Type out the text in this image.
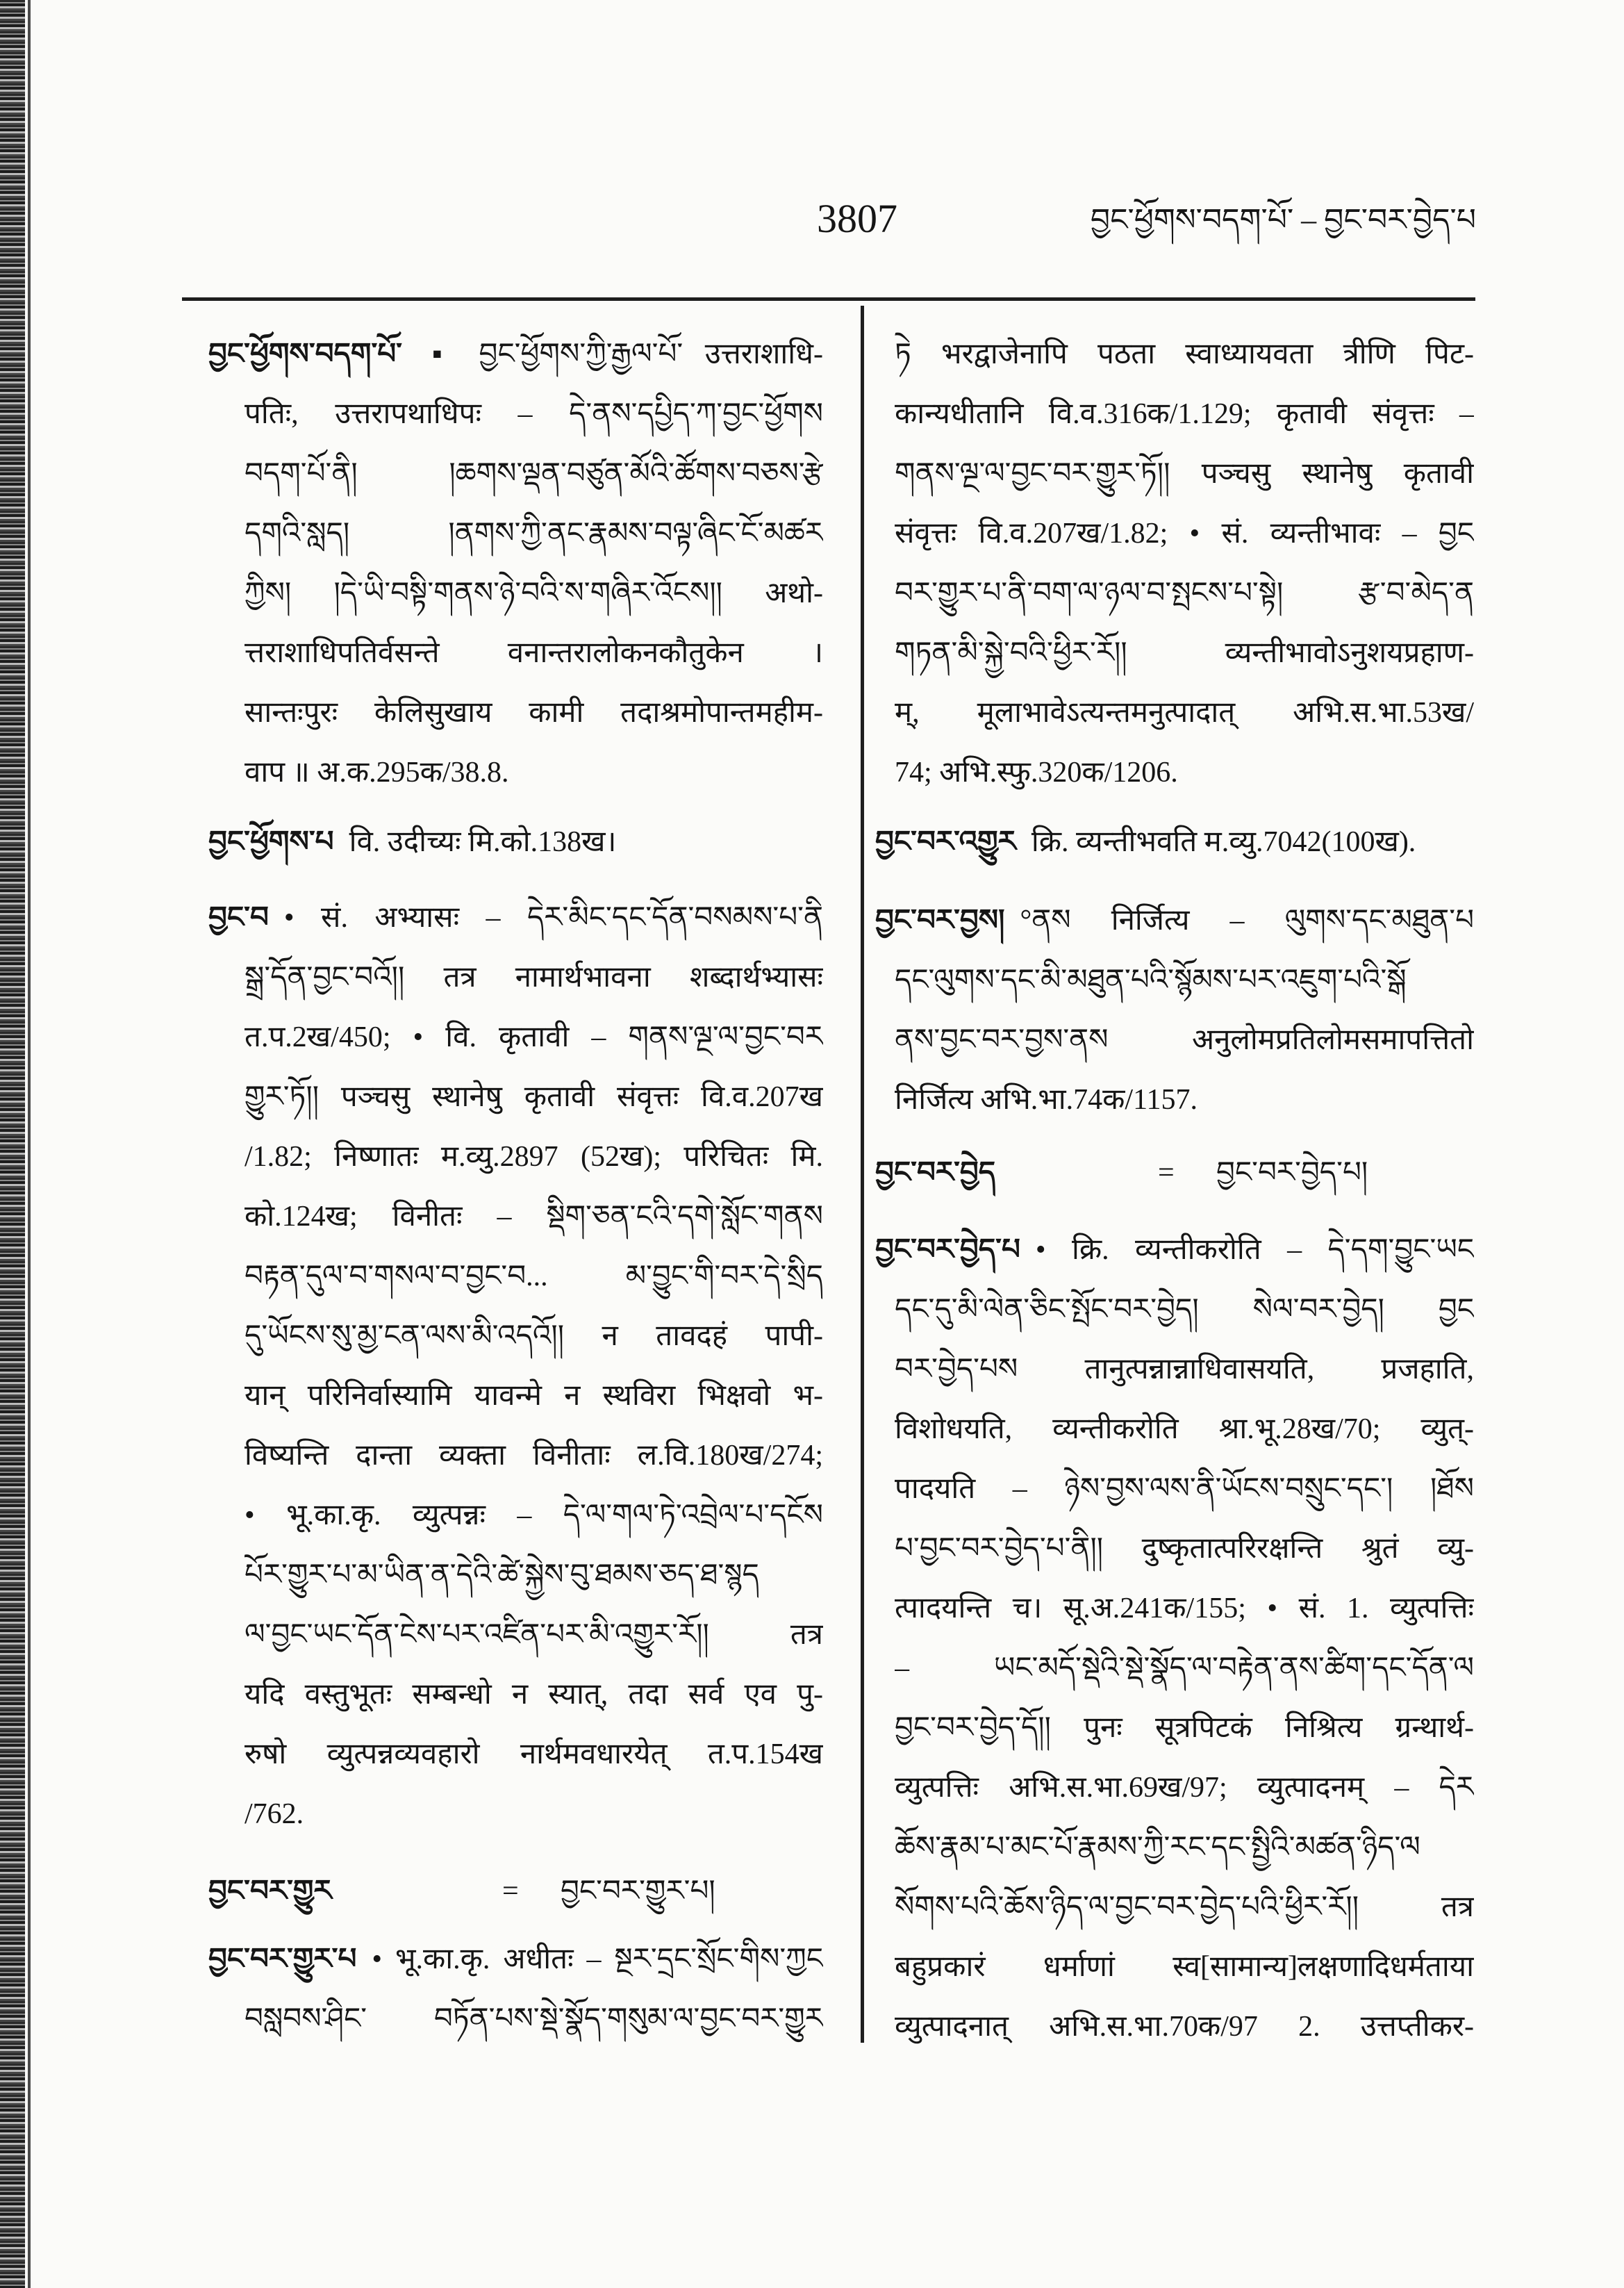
3807	བྱང་ཕྱོགས་བདག་པོ་ – བྱང་བར་བྱེད་པ
བྱང་ཕྱོགས་བདག་པོ་ ▪ བྱང་ཕྱོགས་ཀྱི་རྒྱལ་པོ་ उत्तराशाधि-
पतिः, उत्तरापथाधिपः – དེ་ནས་དཔྱིད་ཀ་བྱང་ཕྱོགས
བདག་པོ་ནི། །ཆགས་ལྡན་བཙུན་མོའི་ཚོགས་བཅས་རྩེ
དགའི་སླད། །ནགས་ཀྱི་ནང་རྣམས་བལྟ་ཞིང་ངོ་མཚར
ཀྱིས། །དེ་ཡི་བསྟི་གནས་ཉེ་བའི་ས་གཞིར་འོངས།། अथो-
त्तराशाधिपतिर्वसन्ते वनान्तरालोकनकौतुकेन ।
सान्तःपुरः केलिसुखाय कामी तदाश्रमोपान्तमहीम-
वाप ॥ अ.क.295क/38.8.
བྱང་ཕྱོགས་པ वि. उदीच्यः मि.को.138ख।
བྱང་བ • सं. अभ्यासः – དེར་མིང་དང་དོན་བསམས་པ་ནི
སྒྲ་དོན་བྱང་བའོ།། तत्र नामार्थभावना शब्दार्थभ्यासः
त.प.2ख/450; • वि. कृतावी – གནས་ལྔ་ལ་བྱང་བར
གྱུར་ཏོ།། पञ्चसु स्थानेषु कृतावी संवृत्तः वि.व.207ख
/1.82; निष्णातः म.व्यु.2897 (52ख); परिचितः मि.
को.124ख; विनीतः – སྡིག་ཅན་ངའི་དགེ་སློང་གནས
བརྟན་དུལ་བ་གསལ་བ་བྱང་བ... མ་བྱུང་གི་བར་དེ་སྲིད
དུ་ཡོངས་སུ་མྱ་ངན་ལས་མི་འདའོ།། न तावदहं पापी-
यान् परिनिर्वास्यामि यावन्मे न स्थविरा भिक्षवो भ-
विष्यन्ति दान्ता व्यक्ता विनीताः ल.वि.180ख/274;
• भू.का.कृ. व्युत्पन्नः – དེ་ལ་གལ་ཏེ་འབྲེལ་པ་དངོས
པོར་གྱུར་པ་མ་ཡིན་ན་དེའི་ཚེ་སྐྱེས་བུ་ཐམས་ཅད་ཐ་སྙད
ལ་བྱང་ཡང་དོན་ངེས་པར་འཛིན་པར་མི་འགྱུར་རོ།། तत्र
यदि वस्तुभूतः सम्बन्धो न स्यात्, तदा सर्व एव पु-
रुषो व्युत्पन्नव्यवहारो नार्थमवधारयेत् त.प.154ख
/762.
བྱང་བར་གྱུར	= བྱང་བར་གྱུར་པ།
བྱང་བར་གྱུར་པ • भू.का.कृ. अधीतः – སྔར་དྲང་སྲོང་གིས་ཀྱང
བསླབས་ཤིང་ བཏོན་པས་སྡེ་སྣོད་གསུམ་ལ་བྱང་བར་གྱུར
ཏེ भरद्वाजेनापि पठता स्वाध्यायवता त्रीणि पिट-
कान्यधीतानि वि.व.316क/1.129; कृतावी संवृत्तः –
གནས་ལྔ་ལ་བྱང་བར་གྱུར་ཏོ།། पञ्चसु स्थानेषु कृतावी
संवृत्तः वि.व.207ख/1.82; • सं. व्यन्तीभावः – བྱང
བར་གྱུར་པ་ནི་བག་ལ་ཉལ་བ་སྤངས་པ་སྟེ། རྩ་བ་མེད་ན
གཏན་མི་སྐྱེ་བའི་ཕྱིར་རོ།། व्यन्तीभावोऽनुशयप्रहाण-
म्, मूलाभावेऽत्यन्तमनुत्पादात् अभि.स.भा.53ख/
74; अभि.स्फु.320क/1206.
བྱང་བར་འགྱུར क्रि. व्यन्तीभवति म.व्यु.7042(100ख).
བྱང་བར་བྱས། °ནས निर्जित्य – ལུགས་དང་མཐུན་པ
དང་ལུགས་དང་མི་མཐུན་པའི་སྙོམས་པར་འཇུག་པའི་སྒོ
ནས་བྱང་བར་བྱས་ནས अनुलोमप्रतिलोमसमापत्तितो
निर्जित्य अभि.भा.74क/1157.
བྱང་བར་བྱེད	= བྱང་བར་བྱེད་པ།
བྱང་བར་བྱེད་པ • क्रि. व्यन्तीकरोति – དེ་དག་བྱུང་ཡང
དང་དུ་མི་ལེན་ཅིང་སྤོང་བར་བྱེད། སེལ་བར་བྱེད། བྱང
བར་བྱེད་པས तानुत्पन्नान्नाधिवासयति, प्रजहाति,
विशोधयति, व्यन्तीकरोति श्रा.भू.28ख/70; व्युत्-
पादयति – ཉེས་བྱས་ལས་ནི་ཡོངས་བསྲུང་དང་། །ཐོས
པ་བྱང་བར་བྱེད་པ་ནི།། दुष्कृतात्परिरक्षन्ति श्रुतं व्यु-
त्पादयन्ति च। सू.अ.241क/155; • सं. 1. व्युत्पत्तिः
– ཡང་མདོ་སྡེའི་སྡེ་སྣོད་ལ་བརྟེན་ནས་ཚིག་དང་དོན་ལ
བྱང་བར་བྱེད་དོ།། पुनः सूत्रपिटकं निश्रित्य ग्रन्थार्थ-
व्युत्पत्तिः अभि.स.भा.69ख/97; व्युत्पादनम् – དེར
ཆོས་རྣམ་པ་མང་པོ་རྣམས་ཀྱི་རང་དང་སྤྱིའི་མཚན་ཉིད་ལ
སོགས་པའི་ཆོས་ཉིད་ལ་བྱང་བར་བྱེད་པའི་ཕྱིར་རོ།། तत्र
बहुप्रकारं धर्माणां स्व[सामान्य]लक्षणादिधर्मताया
व्युत्पादनात् अभि.स.भा.70क/97 2. उत्तप्तीकर-
